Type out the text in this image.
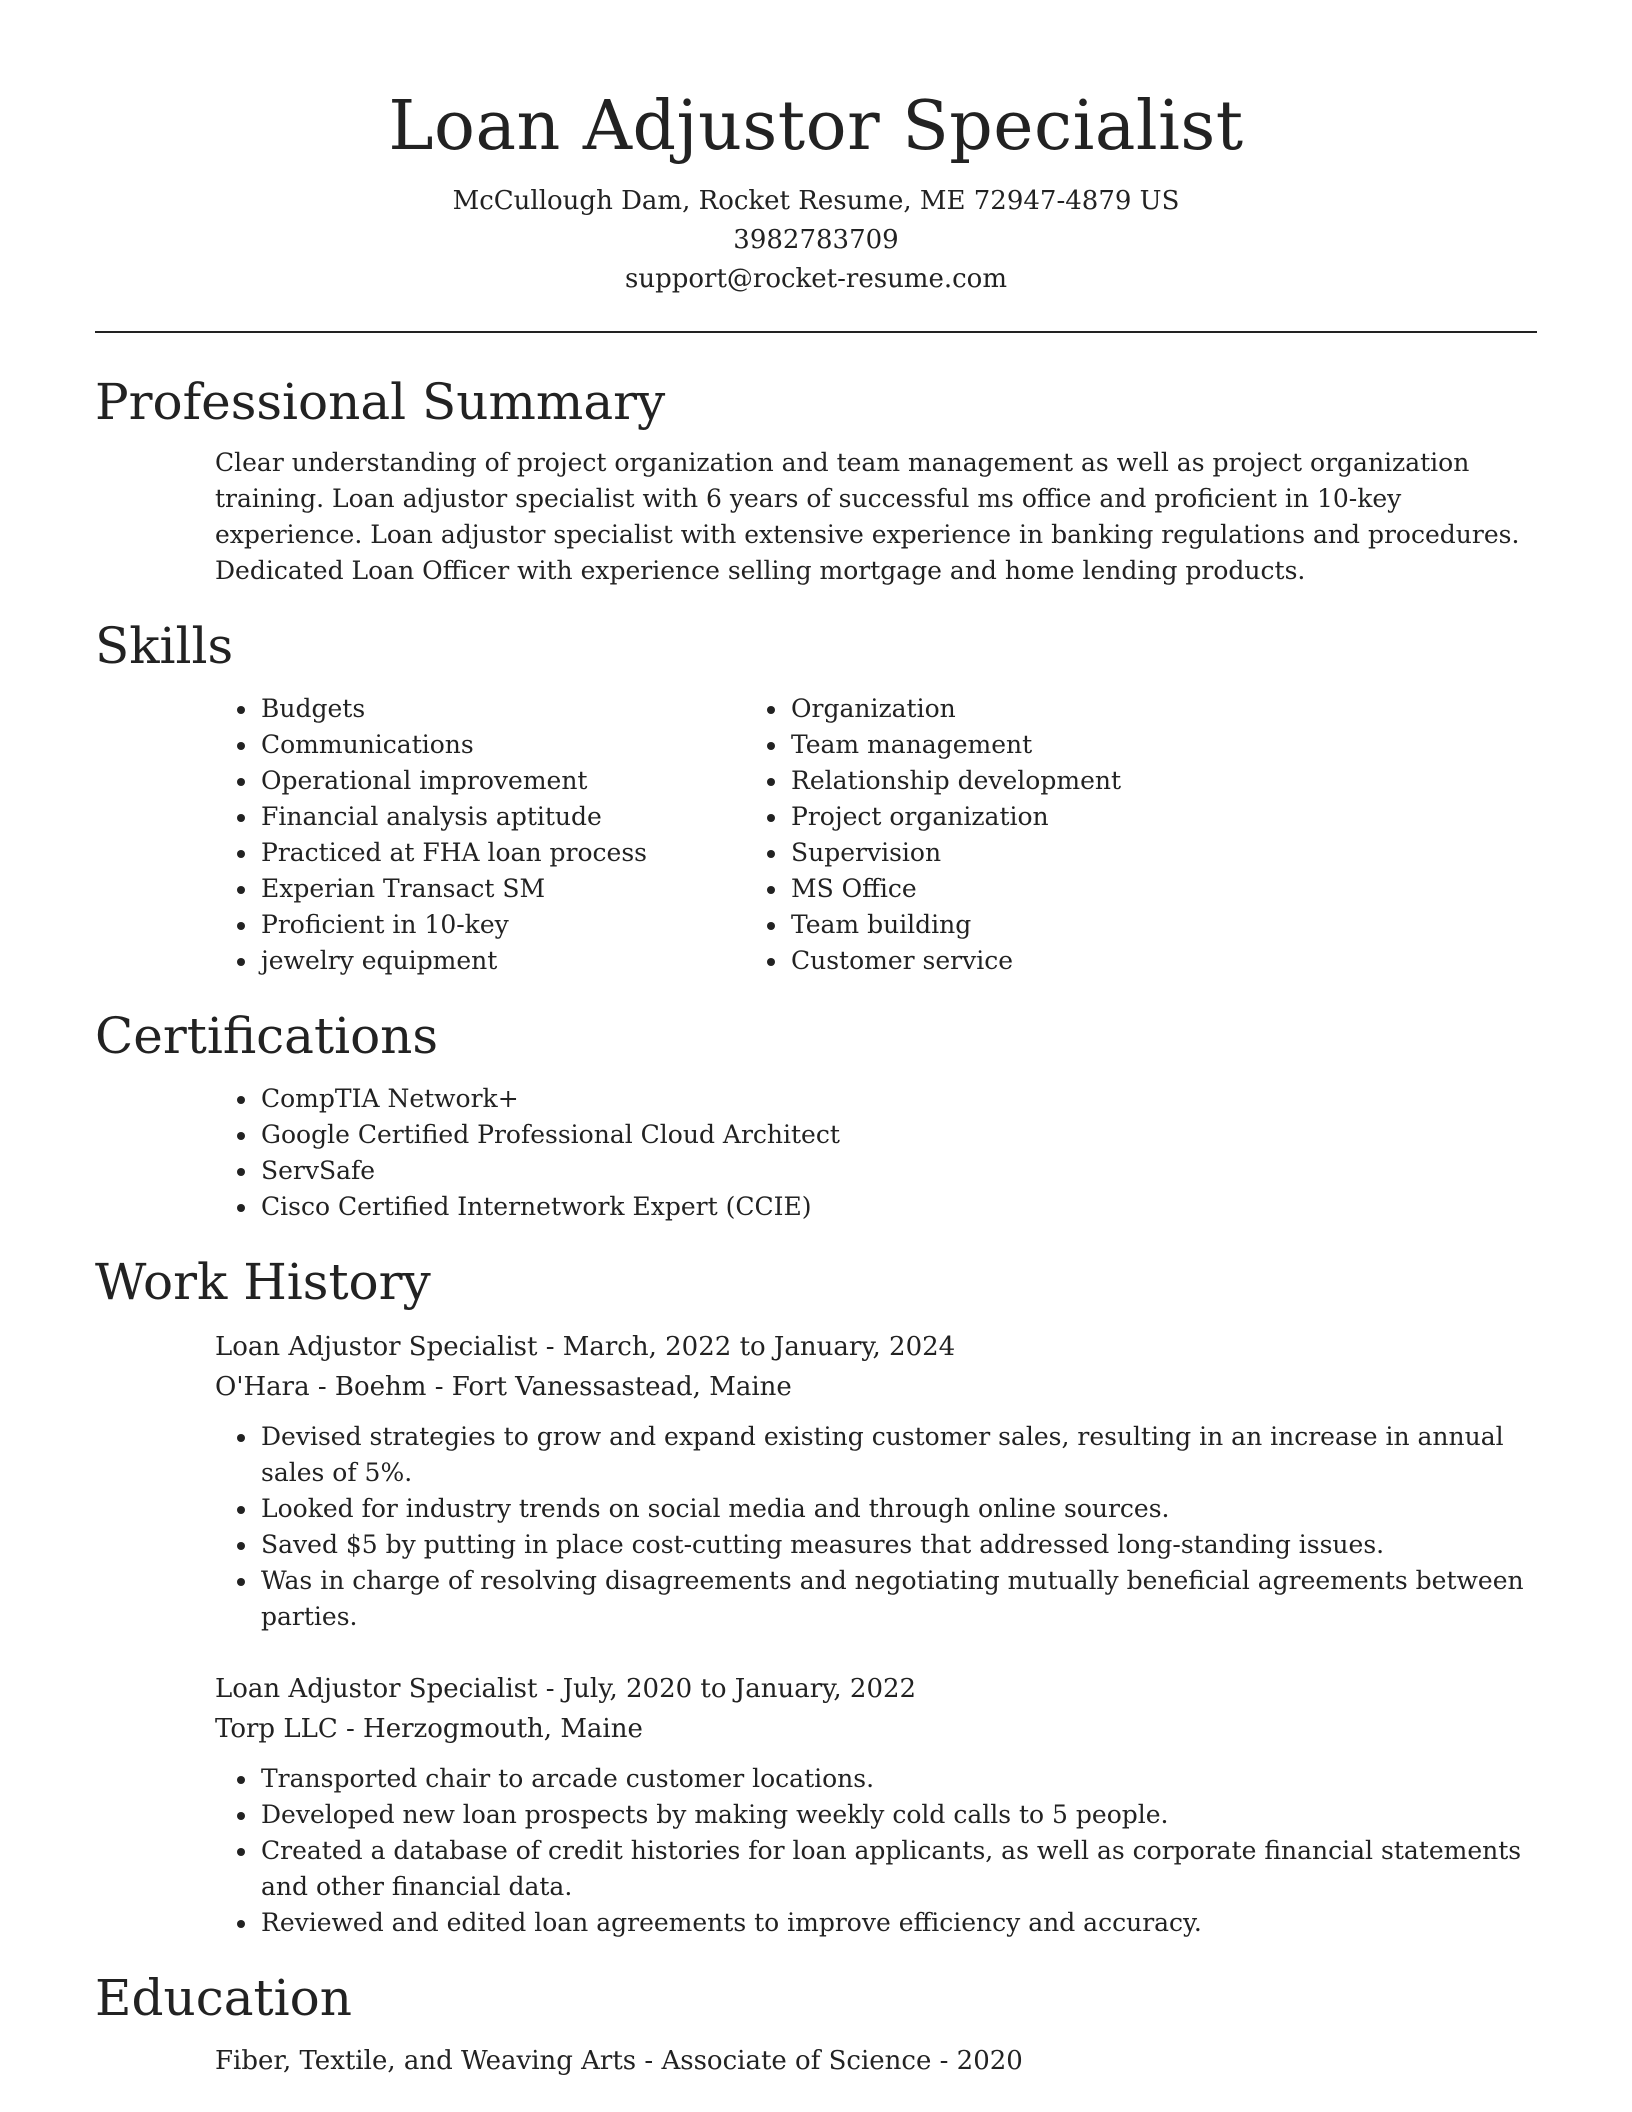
Loan Adjustor Specialist

McCullough Dam, Rocket Resume, ME 72947-4879 US

3982783709

support@rocket-resume.com

Professional Summary

Clear understanding of project organization and team management as well as project organization training. Loan adjustor specialist with 6 years of successful ms office and proficient in 10-key experience. Loan adjustor specialist with extensive experience in banking regulations and procedures. Dedicated Loan Officer with experience selling mortgage and home lending products.

Skills
• Budgets
• Communications
• Operational improvement
• Financial analysis aptitude
• Practiced at FHA loan process
• Experian Transact SM
• Proficient in 10-key
• jewelry equipment
• Organization
• Team management
• Relationship development
• Project organization
• Supervision
• MS Office
• Team building
• Customer service
Certifications
• CompTIA Network+
• Google Certified Professional Cloud Architect
• ServSafe
• Cisco Certified Internetwork Expert (CCIE)
Work History

Loan Adjustor Specialist - March, 2022 to January, 2024

O'Hara - Boehm - Fort Vanessastead, Maine

• Devised strategies to grow and expand existing customer sales, resulting in an increase in annual sales of 5%.
• Looked for industry trends on social media and through online sources.
• Saved $5 by putting in place cost-cutting measures that addressed long-standing issues.
• Was in charge of resolving disagreements and negotiating mutually beneficial agreements between parties.

Loan Adjustor Specialist - July, 2020 to January, 2022

Torp LLC - Herzogmouth, Maine

• Transported chair to arcade customer locations.
• Developed new loan prospects by making weekly cold calls to 5 people.
• Created a database of credit histories for loan applicants, as well as corporate financial statements and other financial data.
• Reviewed and edited loan agreements to improve efficiency and accuracy.
Education

Fiber, Textile, and Weaving Arts - Associate of Science - 2020
